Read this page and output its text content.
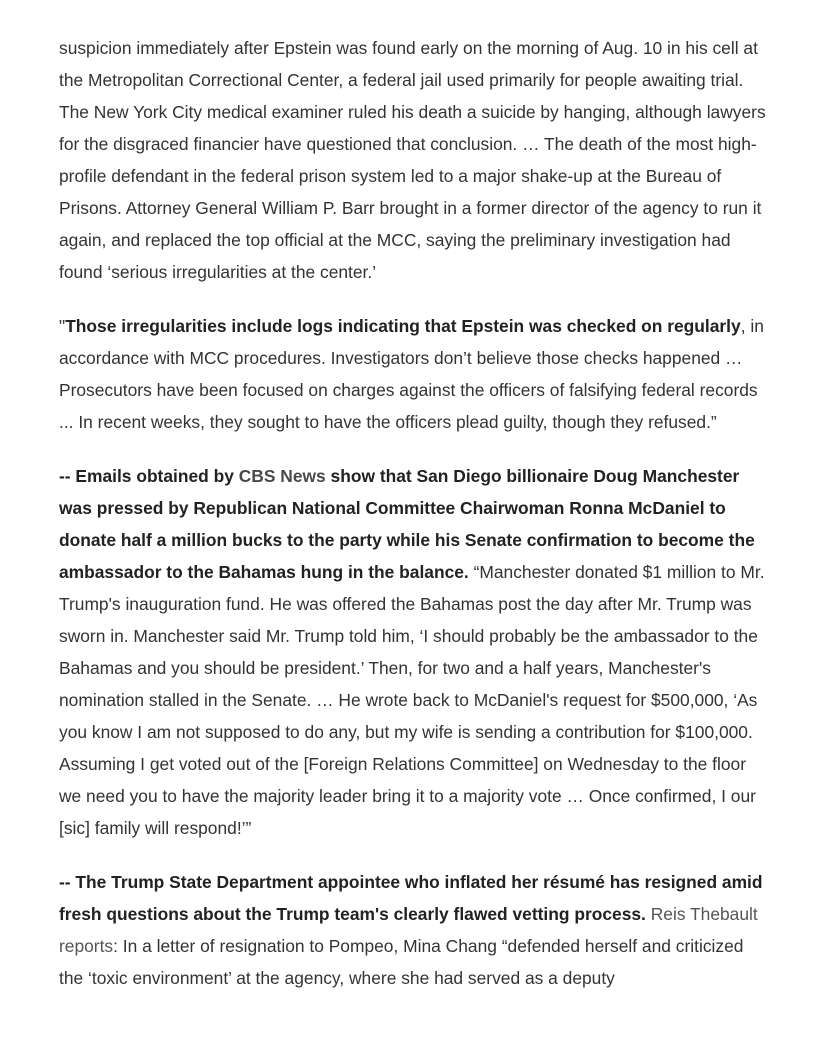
suspicion immediately after Epstein was found early on the morning of Aug. 10 in his cell at the Metropolitan Correctional Center, a federal jail used primarily for people awaiting trial. The New York City medical examiner ruled his death a suicide by hanging, although lawyers for the disgraced financier have questioned that conclusion. … The death of the most high-profile defendant in the federal prison system led to a major shake-up at the Bureau of Prisons. Attorney General William P. Barr brought in a former director of the agency to run it again, and replaced the top official at the MCC, saying the preliminary investigation had found ‘serious irregularities at the center.’

"Those irregularities include logs indicating that Epstein was checked on regularly, in accordance with MCC procedures. Investigators don’t believe those checks happened … Prosecutors have been focused on charges against the officers of falsifying federal records ... In recent weeks, they sought to have the officers plead guilty, though they refused.”

-- Emails obtained by CBS News show that San Diego billionaire Doug Manchester was pressed by Republican National Committee Chairwoman Ronna McDaniel to donate half a million bucks to the party while his Senate confirmation to become the ambassador to the Bahamas hung in the balance. “Manchester donated $1 million to Mr. Trump's inauguration fund. He was offered the Bahamas post the day after Mr. Trump was sworn in. Manchester said Mr. Trump told him, ‘I should probably be the ambassador to the Bahamas and you should be president.’ Then, for two and a half years, Manchester's nomination stalled in the Senate. … He wrote back to McDaniel's request for $500,000, ‘As you know I am not supposed to do any, but my wife is sending a contribution for $100,000. Assuming I get voted out of the [Foreign Relations Committee] on Wednesday to the floor we need you to have the majority leader bring it to a majority vote … Once confirmed, I our [sic] family will respond!’”

-- The Trump State Department appointee who inflated her résumé has resigned amid fresh questions about the Trump team's clearly flawed vetting process. Reis Thebault reports: In a letter of resignation to Pompeo, Mina Chang “defended herself and criticized the ‘toxic environment’ at the agency, where she had served as a deputy
